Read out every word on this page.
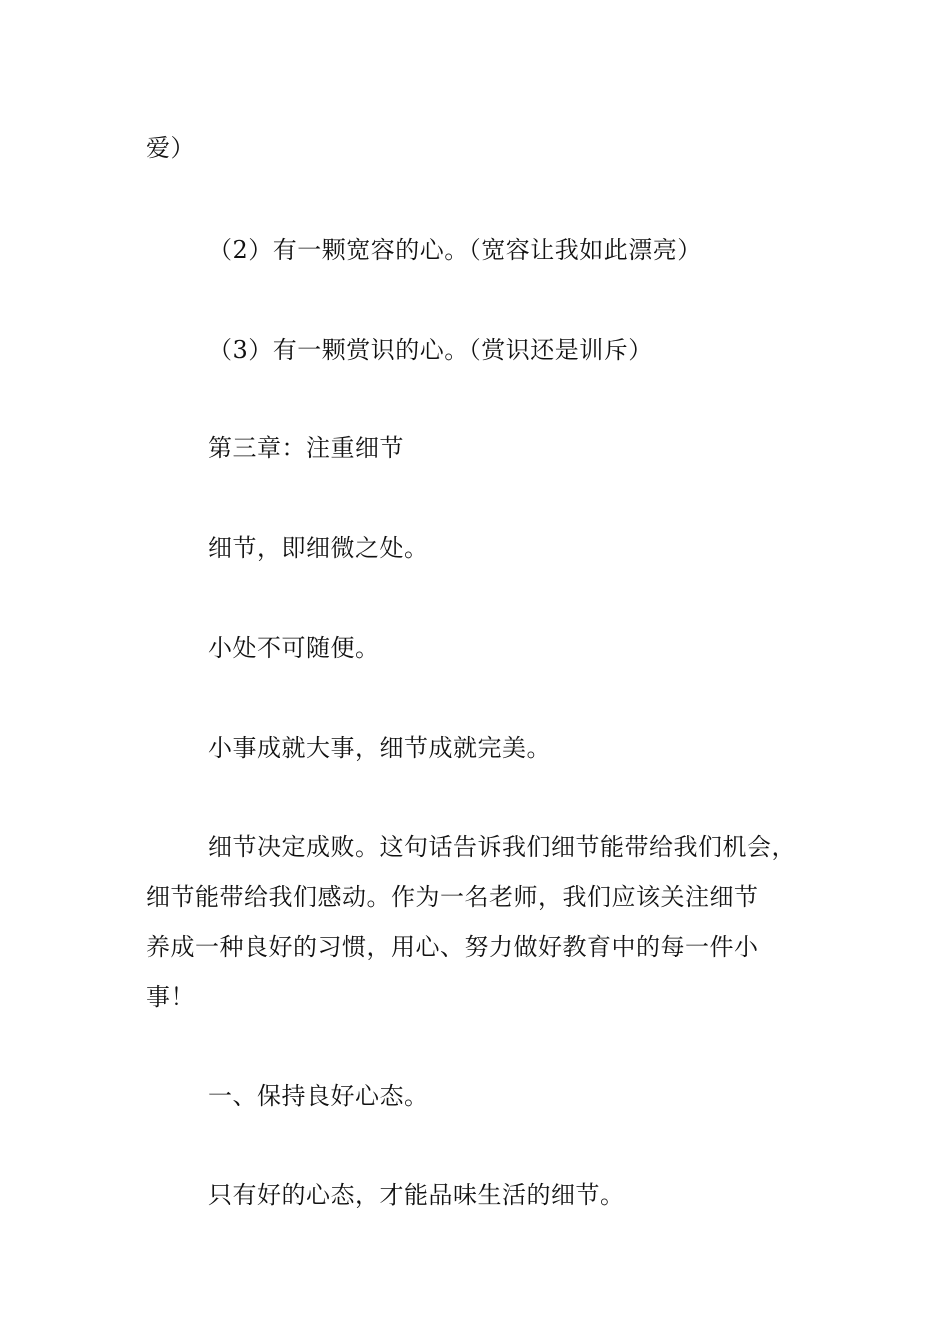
爱）

（2）有一颗宽容的心。（宽容让我如此漂亮）

（3）有一颗赏识的心。（赏识还是训斥）

第三章：注重细节

细节，即细微之处。

小处不可随便。

小事成就大事，细节成就完美。

细节决定成败。这句话告诉我们细节能带给我们机会，

细节能带给我们感动。作为一名老师，我们应该关注细节

养成一种良好的习惯，用心、努力做好教育中的每一件小

事！

一、保持良好心态。

只有好的心态，才能品味生活的细节。
